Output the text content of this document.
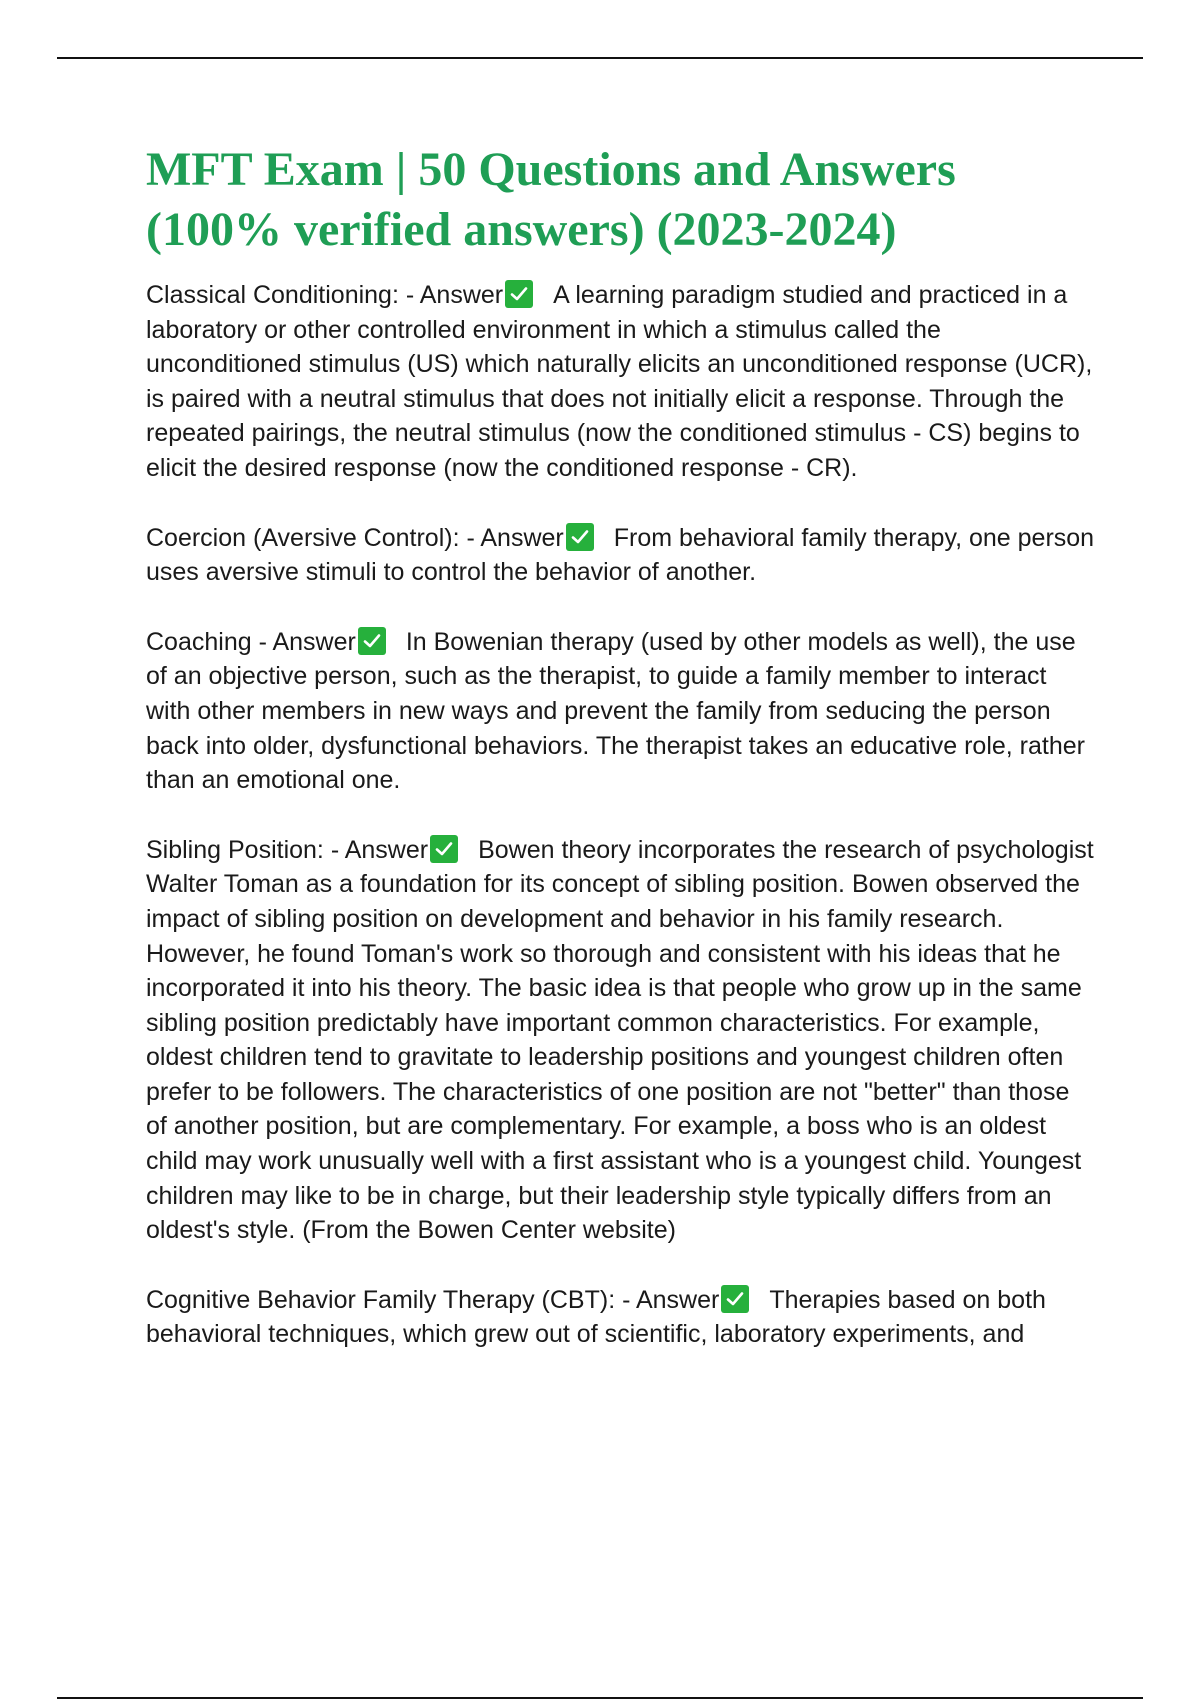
MFT Exam | 50 Questions and Answers (100% verified answers) (2023-2024)

Classical Conditioning: - Answer A learning paradigm studied and practiced in a laboratory or other controlled environment in which a stimulus called the unconditioned stimulus (US) which naturally elicits an unconditioned response (UCR), is paired with a neutral stimulus that does not initially elicit a response. Through the repeated pairings, the neutral stimulus (now the conditioned stimulus - CS) begins to elicit the desired response (now the conditioned response - CR).

Coercion (Aversive Control): - Answer From behavioral family therapy, one person uses aversive stimuli to control the behavior of another.

Coaching - Answer In Bowenian therapy (used by other models as well), the use of an objective person, such as the therapist, to guide a family member to interact with other members in new ways and prevent the family from seducing the person back into older, dysfunctional behaviors. The therapist takes an educative role, rather than an emotional one.

Sibling Position: - Answer Bowen theory incorporates the research of psychologist Walter Toman as a foundation for its concept of sibling position. Bowen observed the impact of sibling position on development and behavior in his family research. However, he found Toman's work so thorough and consistent with his ideas that he incorporated it into his theory. The basic idea is that people who grow up in the same sibling position predictably have important common characteristics. For example, oldest children tend to gravitate to leadership positions and youngest children often prefer to be followers. The characteristics of one position are not "better" than those of another position, but are complementary. For example, a boss who is an oldest child may work unusually well with a first assistant who is a youngest child. Youngest children may like to be in charge, but their leadership style typically differs from an oldest's style. (From the Bowen Center website)

Cognitive Behavior Family Therapy (CBT): - Answer Therapies based on both behavioral techniques, which grew out of scientific, laboratory experiments, and
